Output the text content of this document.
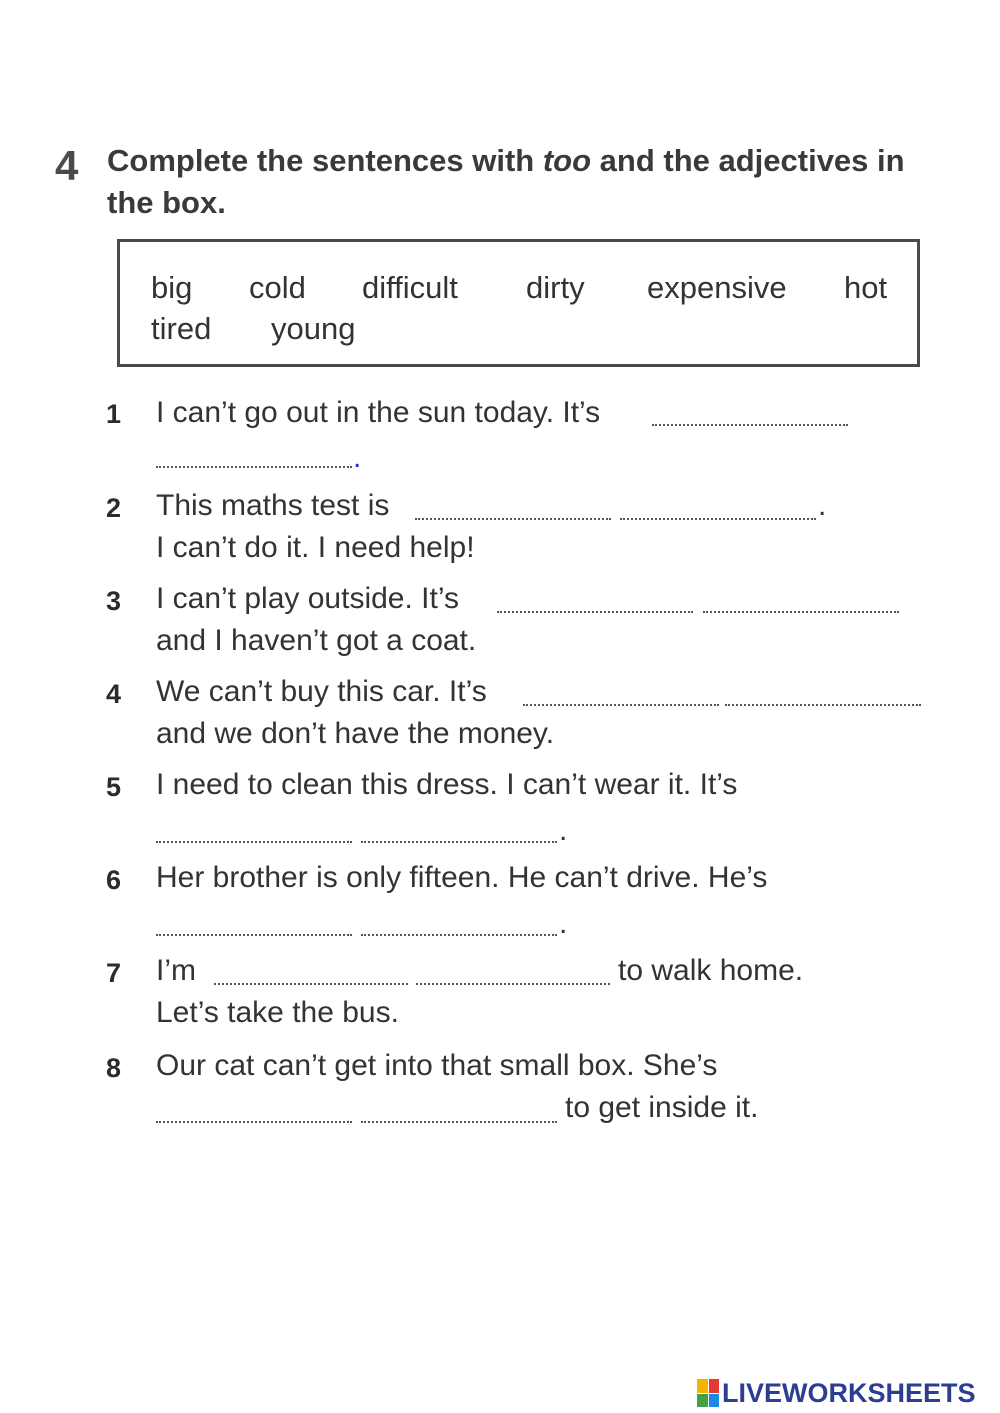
4 Complete the sentences with too and the adjectives in the box.
big cold difficult dirty expensive hot
tired young
1 I can’t go out in the sun today. It’s
.
2 This maths test is	.
I can’t do it. I need help!
3 I can’t play outside. It’s
and I haven’t got a coat.
4 We can’t buy this car. It’s
and we don’t have the money.
5 I need to clean this dress. I can’t wear it. It’s
.
6 Her brother is only fifteen. He can’t drive. He’s
.
7 I’m	to walk home.
Let’s take the bus.
8 Our cat can’t get into that small box. She’s
to get inside it.
LIVEWORKSHEETS
